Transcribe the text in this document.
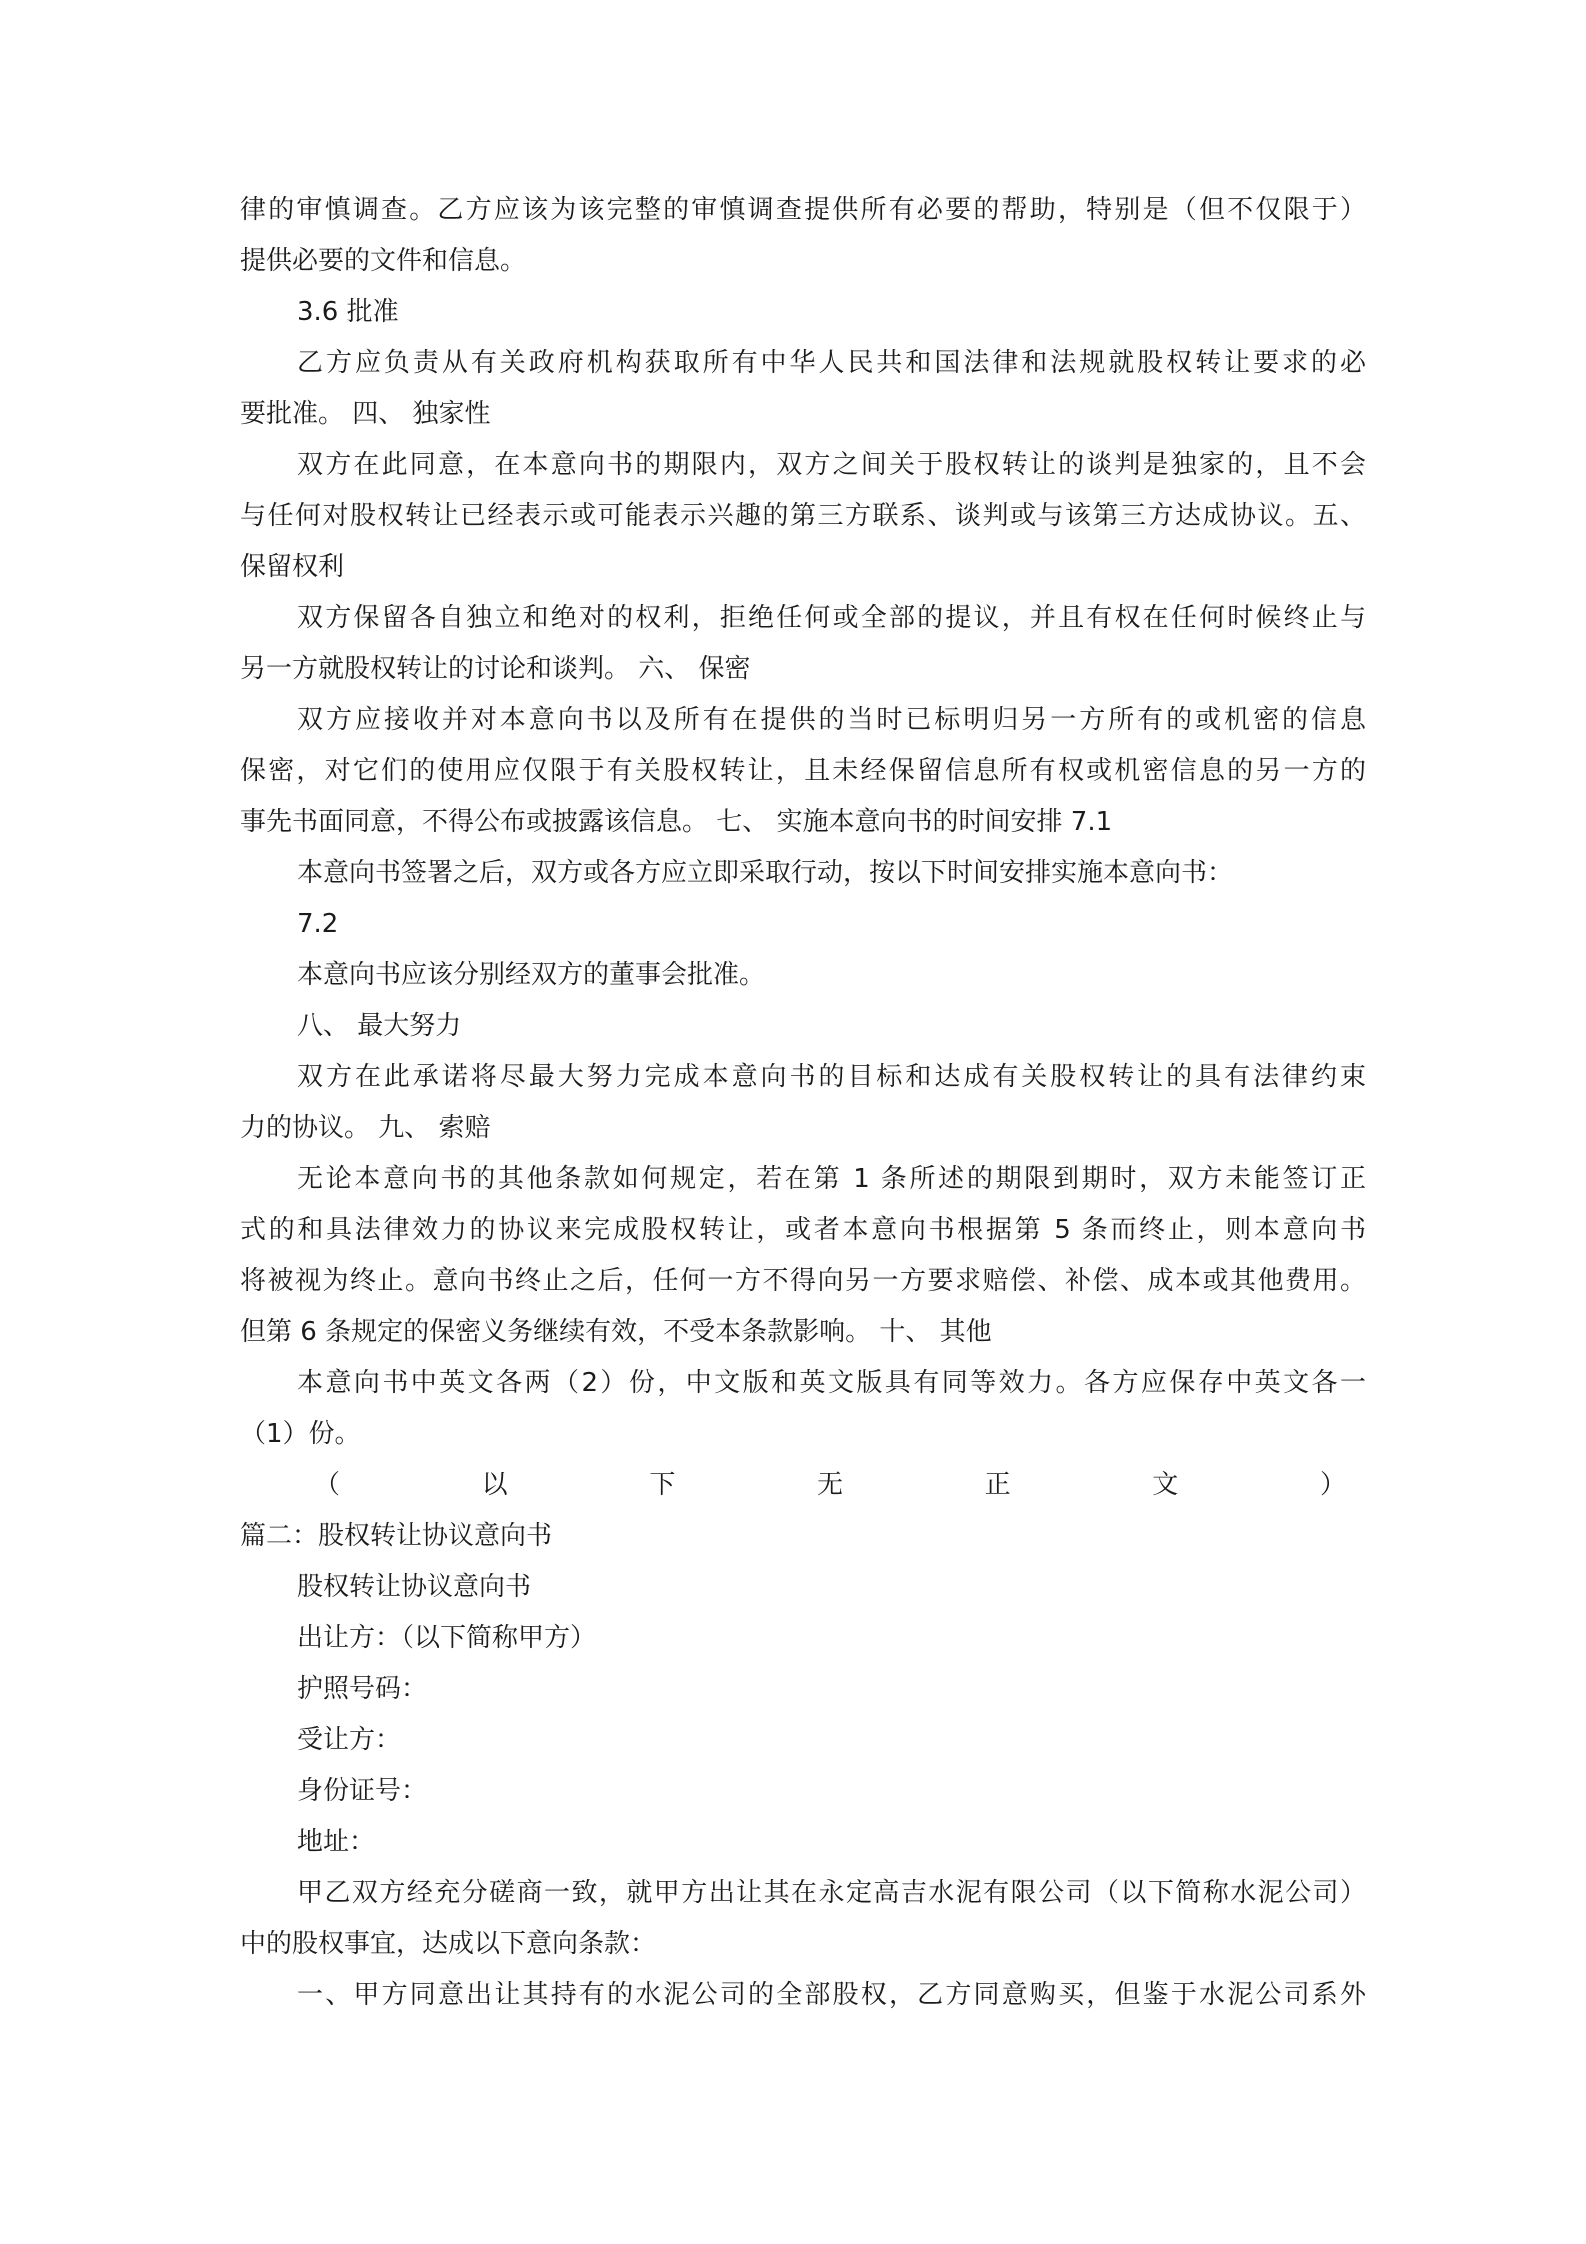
律的审慎调查。乙方应该为该完整的审慎调查提供所有必要的帮助，特别是（但不仅限于）
提供必要的文件和信息。
3.6 批准
乙方应负责从有关政府机构获取所有中华人民共和国法律和法规就股权转让要求的必
要批准。 四、 独家性
双方在此同意，在本意向书的期限内，双方之间关于股权转让的谈判是独家的，且不会
与任何对股权转让已经表示或可能表示兴趣的第三方联系、谈判或与该第三方达成协议。五、
保留权利
双方保留各自独立和绝对的权利，拒绝任何或全部的提议，并且有权在任何时候终止与
另一方就股权转让的讨论和谈判。 六、 保密
双方应接收并对本意向书以及所有在提供的当时已标明归另一方所有的或机密的信息
保密，对它们的使用应仅限于有关股权转让，且未经保留信息所有权或机密信息的另一方的
事先书面同意，不得公布或披露该信息。 七、 实施本意向书的时间安排 7.1
本意向书签署之后，双方或各方应立即采取行动，按以下时间安排实施本意向书：
7.2
本意向书应该分别经双方的董事会批准。
八、 最大努力
双方在此承诺将尽最大努力完成本意向书的目标和达成有关股权转让的具有法律约束
力的协议。 九、 索赔
无论本意向书的其他条款如何规定，若在第 1 条所述的期限到期时，双方未能签订正
式的和具法律效力的协议来完成股权转让，或者本意向书根据第 5 条而终止，则本意向书
将被视为终止。意向书终止之后，任何一方不得向另一方要求赔偿、补偿、成本或其他费用。
但第 6 条规定的保密义务继续有效，不受本条款影响。 十、 其他
本意向书中英文各两（2）份，中文版和英文版具有同等效力。各方应保存中英文各一
（1）份。
（	以	下	无	正	文	）
篇二：股权转让协议意向书
股权转让协议意向书
出让方：（以下简称甲方）
护照号码：
受让方：
身份证号：
地址：
甲乙双方经充分磋商一致，就甲方出让其在永定高吉水泥有限公司（以下简称水泥公司）
中的股权事宜，达成以下意向条款：
一、甲方同意出让其持有的水泥公司的全部股权，乙方同意购买，但鉴于水泥公司系外
